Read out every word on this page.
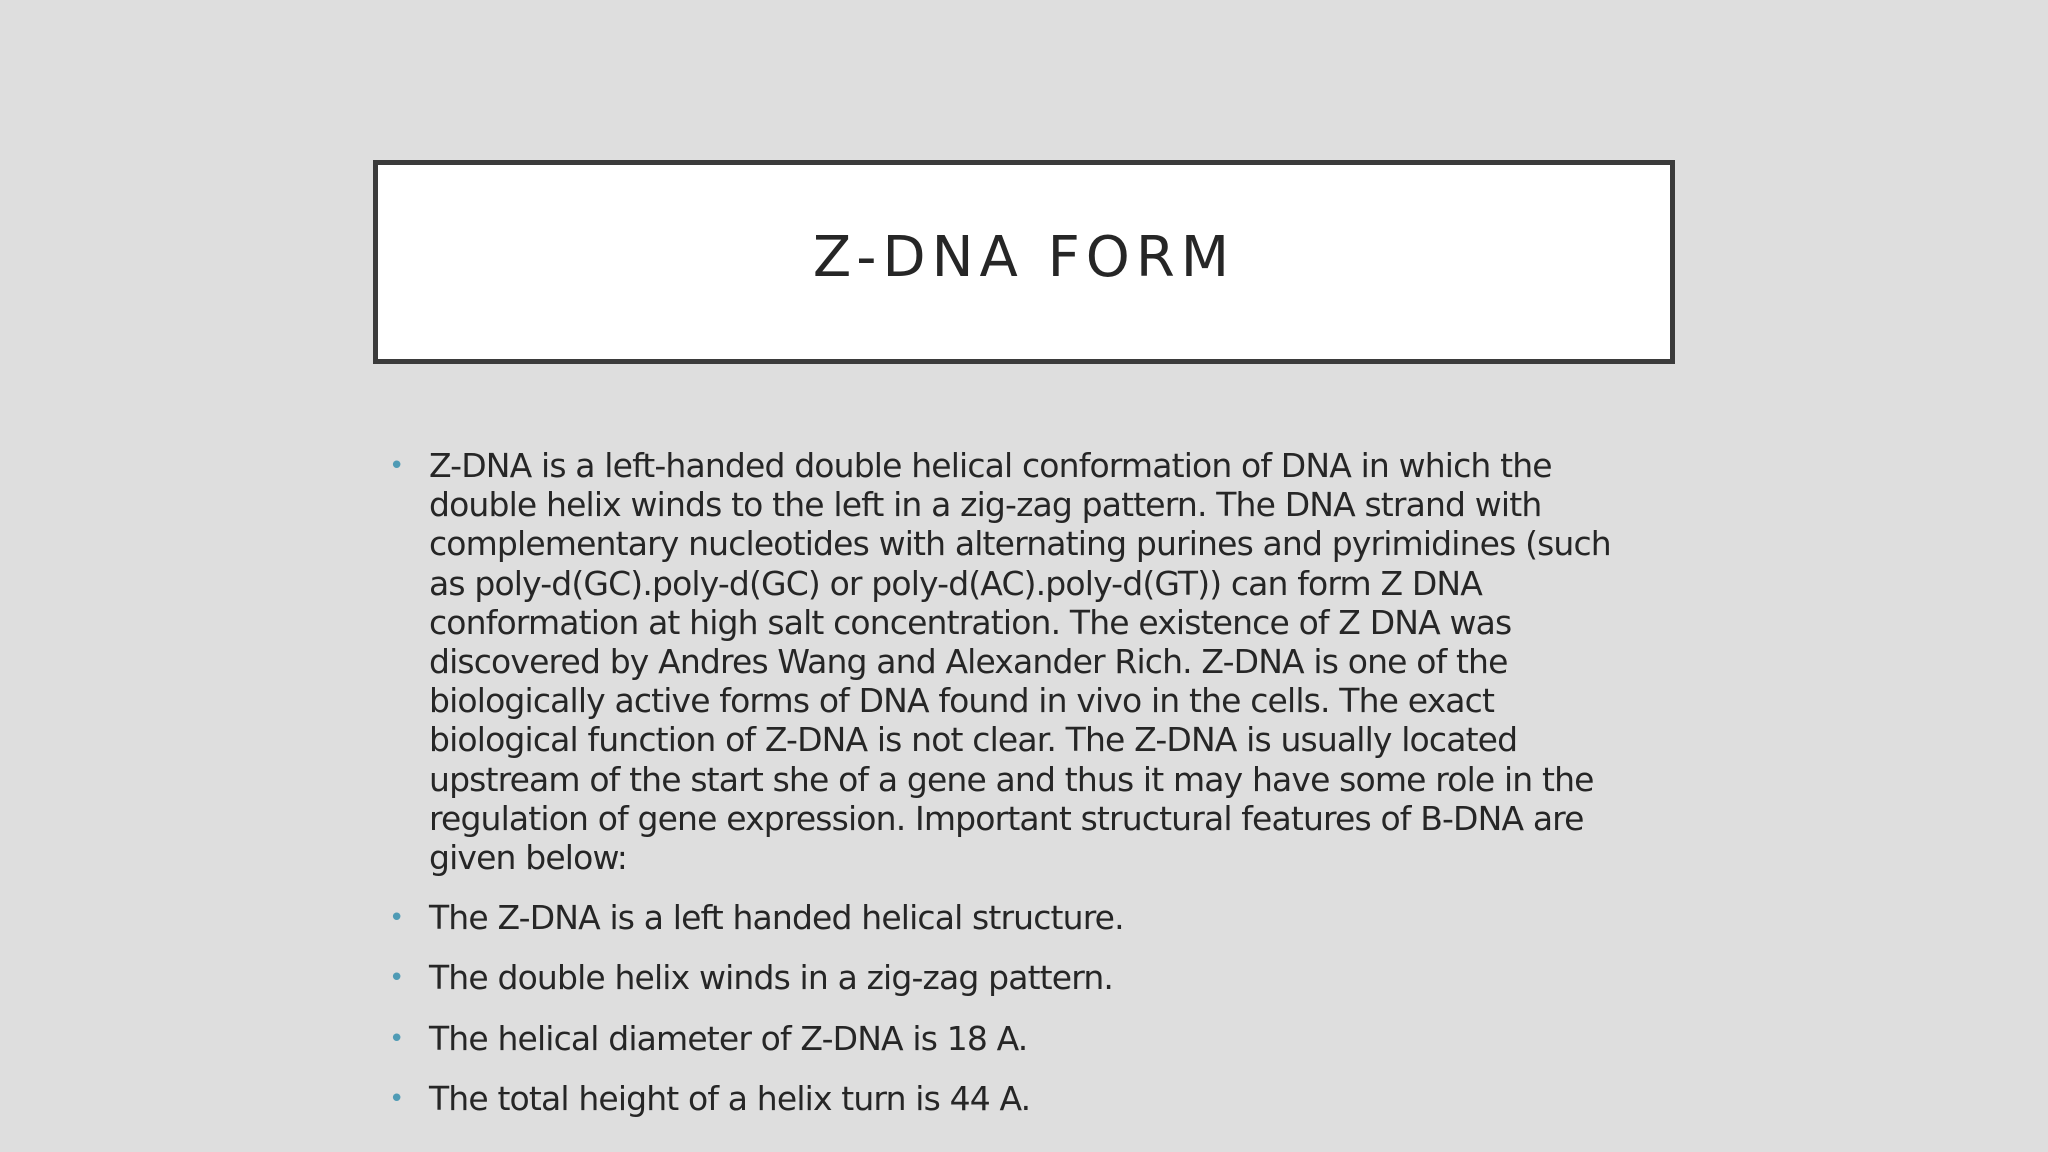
Z-DNA FORM
• Z-DNA is a left-handed double helical conformation of DNA in which the double helix winds to the left in a zig-zag pattern. The DNA strand with complementary nucleotides with alternating purines and pyrimidines (such as poly-d(GC).poly-d(GC) or poly-d(AC).poly-d(GT)) can form Z DNA conformation at high salt concentration. The existence of Z DNA was discovered by Andres Wang and Alexander Rich. Z-DNA is one of the biologically active forms of DNA found in vivo in the cells. The exact biological function of Z-DNA is not clear. The Z-DNA is usually located upstream of the start she of a gene and thus it may have some role in the regulation of gene expression. Important structural features of B-DNA are given below:
• The Z-DNA is a left handed helical structure.
• The double helix winds in a zig-zag pattern.
• The helical diameter of Z-DNA is 18 A.
• The total height of a helix turn is 44 A.
